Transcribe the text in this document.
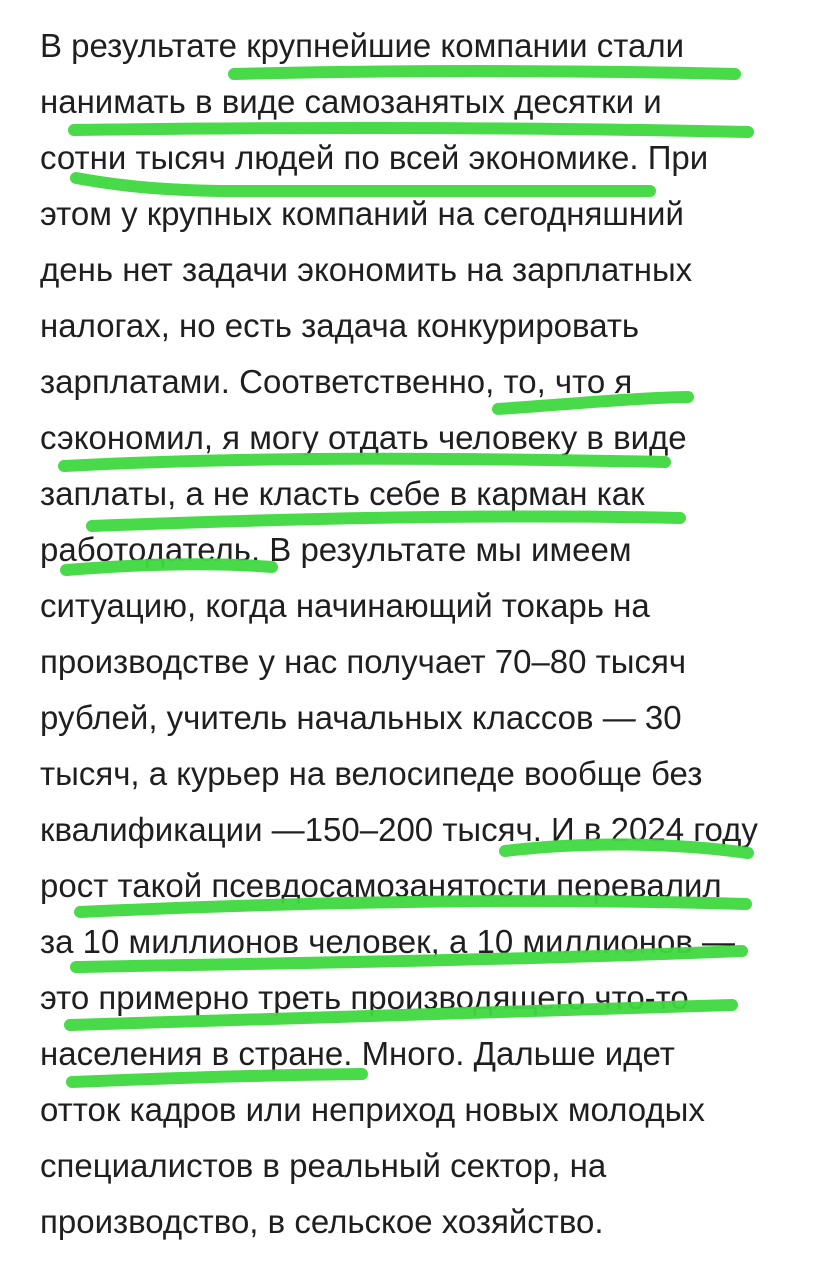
В результате крупнейшие компании стали
нанимать в виде самозанятых десятки и
сотни тысяч людей по всей экономике. При
этом у крупных компаний на сегодняшний
день нет задачи экономить на зарплатных
налогах, но есть задача конкурировать
зарплатами. Соответственно, то, что я
сэкономил, я могу отдать человеку в виде
заплаты, а не класть себе в карман как
работодатель. В результате мы имеем
ситуацию, когда начинающий токарь на
производстве у нас получает 70–80 тысяч
рублей, учитель начальных классов — 30
тысяч, а курьер на велосипеде вообще без
квалификации —150–200 тысяч. И в 2024 году
рост такой псевдосамозанятости перевалил
за 10 миллионов человек, а 10 миллионов —
это примерно треть производящего что-то
населения в стране. Много. Дальше идет
отток кадров или неприход новых молодых
специалистов в реальный сектор, на
производство, в сельское хозяйство.
